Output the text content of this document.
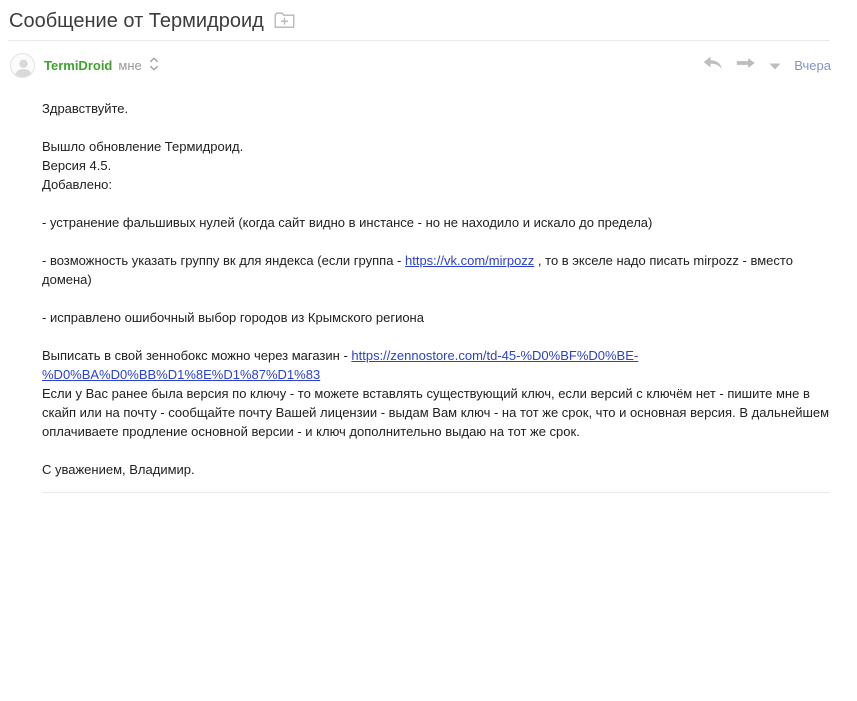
Сообщение от Термидроид
TermiDroid мне	Вчера
Здравствуйте.
Вышло обновление Термидроид.
Версия 4.5.
Добавлено:
- устранение фальшивых нулей (когда сайт видно в инстансе - но не находило и искало до предела)
- возможность указать группу вк для яндекса (если группа - https://vk.com/mirpozz , то в экселе надо писать mirpozz - вместо домена)
- исправлено ошибочный выбор городов из Крымского региона
Выписать в свой зеннобокс можно через магазин - https://zennostore.com/td-45-%D0%BF%D0%BE-
%D0%BA%D0%BB%D1%8E%D1%87%D1%83
Если у Вас ранее была версия по ключу - то можете вставлять существующий ключ, если версий с ключём нет - пишите мне в скайп или на почту - сообщайте почту Вашей лицензии - выдам Вам ключ - на тот же срок, что и основная версия. В дальнейшем оплачиваете продление основной версии - и ключ дополнительно выдаю на тот же срок.
С уважением, Владимир.
